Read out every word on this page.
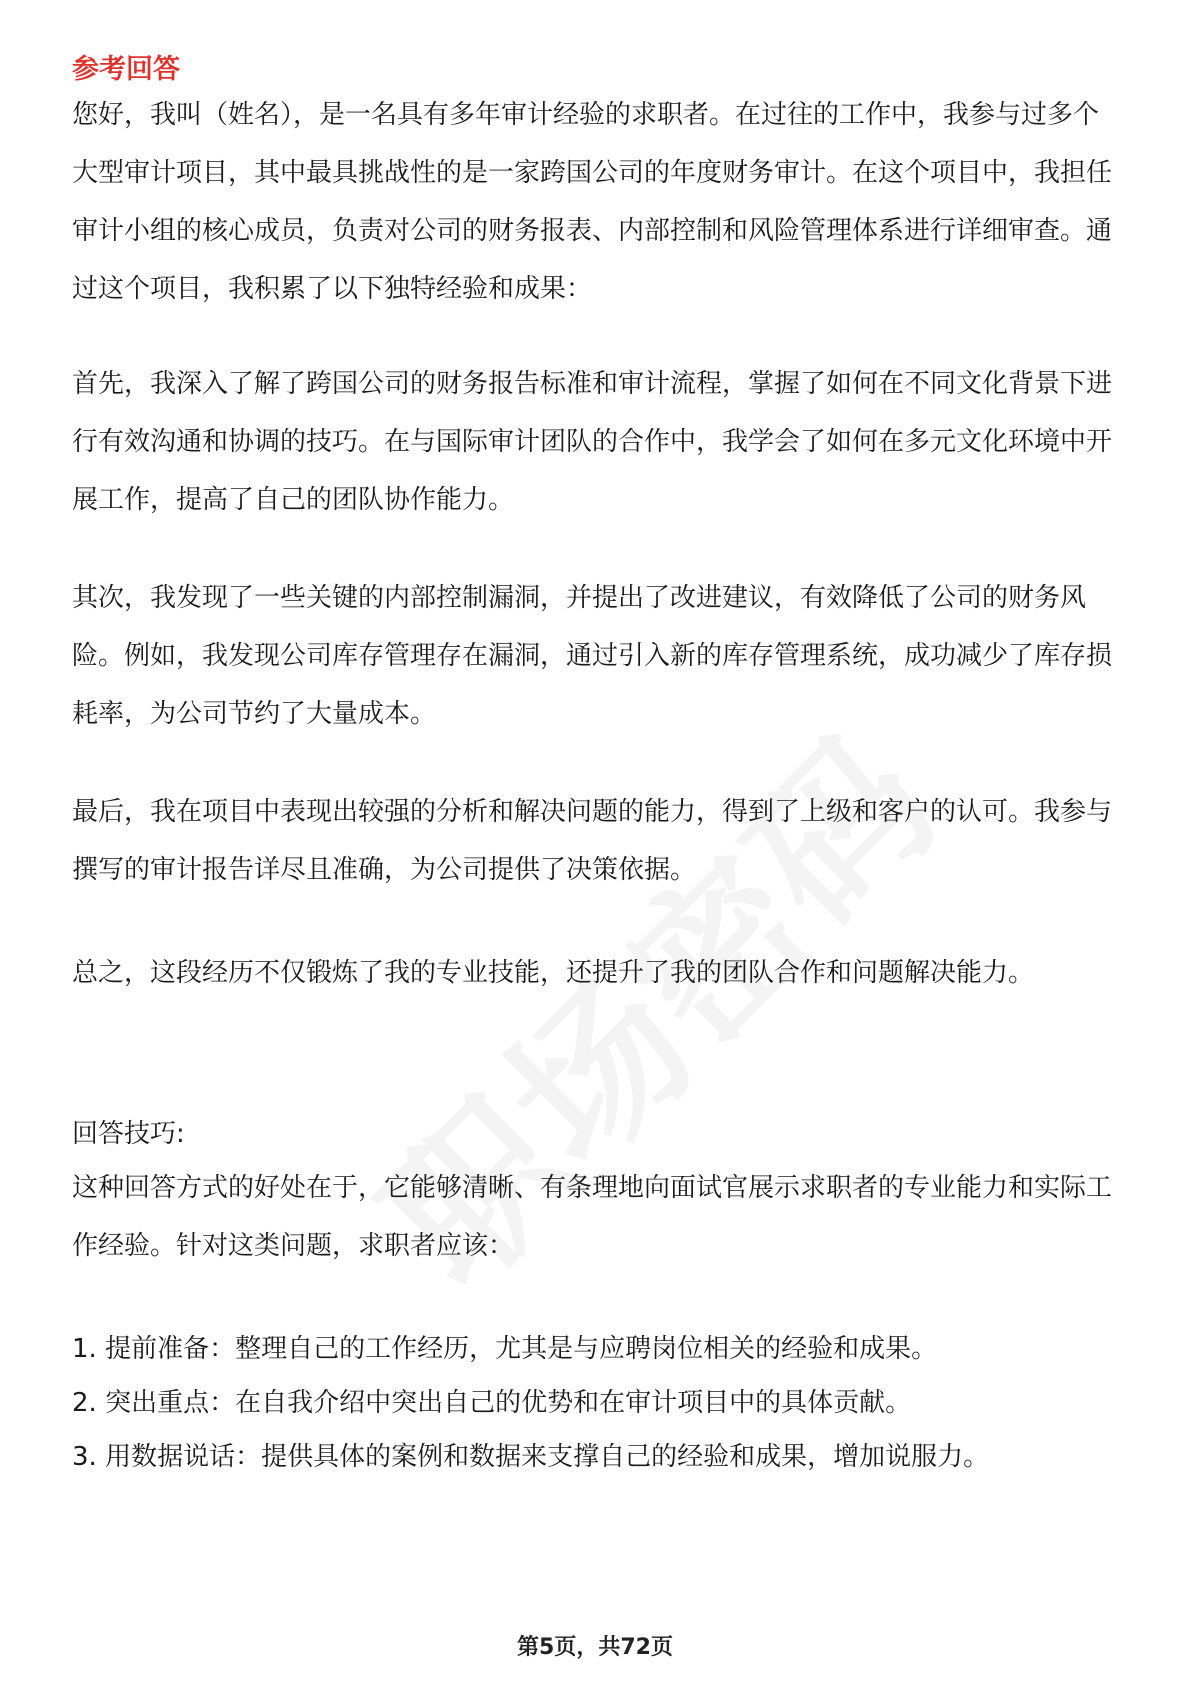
参考回答

您好，我叫（姓名），是一名具有多年审计经验的求职者。在过往的工作中，我参与过多个大型审计项目，其中最具挑战性的是一家跨国公司的年度财务审计。在这个项目中，我担任审计小组的核心成员，负责对公司的财务报表、内部控制和风险管理体系进行详细审查。通过这个项目，我积累了以下独特经验和成果：

首先，我深入了解了跨国公司的财务报告标准和审计流程，掌握了如何在不同文化背景下进行有效沟通和协调的技巧。在与国际审计团队的合作中，我学会了如何在多元文化环境中开展工作，提高了自己的团队协作能力。

其次，我发现了一些关键的内部控制漏洞，并提出了改进建议，有效降低了公司的财务风险。例如，我发现公司库存管理存在漏洞，通过引入新的库存管理系统，成功减少了库存损耗率，为公司节约了大量成本。

最后，我在项目中表现出较强的分析和解决问题的能力，得到了上级和客户的认可。我参与撰写的审计报告详尽且准确，为公司提供了决策依据。

总之，这段经历不仅锻炼了我的专业技能，还提升了我的团队合作和问题解决能力。

回答技巧:

这种回答方式的好处在于，它能够清晰、有条理地向面试官展示求职者的专业能力和实际工作经验。针对这类问题，求职者应该：

1. 提前准备：整理自己的工作经历，尤其是与应聘岗位相关的经验和成果。
2. 突出重点：在自我介绍中突出自己的优势和在审计项目中的具体贡献。
3. 用数据说话：提供具体的案例和数据来支撑自己的经验和成果，增加说服力。
第5页，共72页
